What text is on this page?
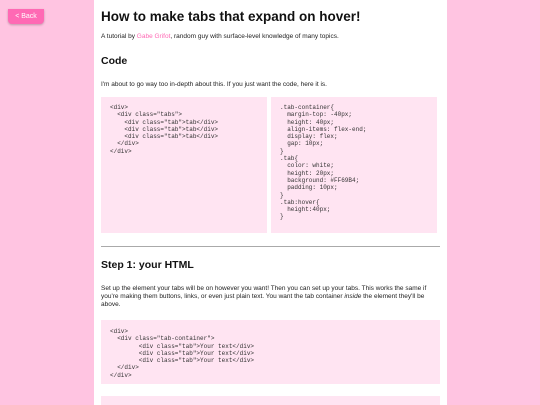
< Back	How to make tabs that expand on hover!

A tutorial by Gabe Grifot, random guy with surface-level knowledge of many topics.

Code

I'm about to go way too in-depth about this. If you just want the code, here it is.

<div>
<div class="tabs">
<div class="tab">tab</div>
<div class="tab">tab</div>
<div class="tab">tab</div>
</div>
</div>
.tab-container{
margin-top: -40px;
height: 40px;
align-items: flex-end;
display: flex;
gap: 10px;
}
.tab{
color: white;
height: 20px;
background: #FF69B4;
padding: 10px;
}
.tab:hover{
height:40px;
}
Step 1: your HTML

Set up the element your tabs will be on however you want! Then you can set up your tabs. This works the same if you're making them buttons, links, or even just plain text. You want the tab container inside the element they'll be above.

<div>
<div class="tab-container">
<div class="tab">Your text</div>
<div class="tab">Your text</div>
<div class="tab">Your text</div>
</div>
</div>
